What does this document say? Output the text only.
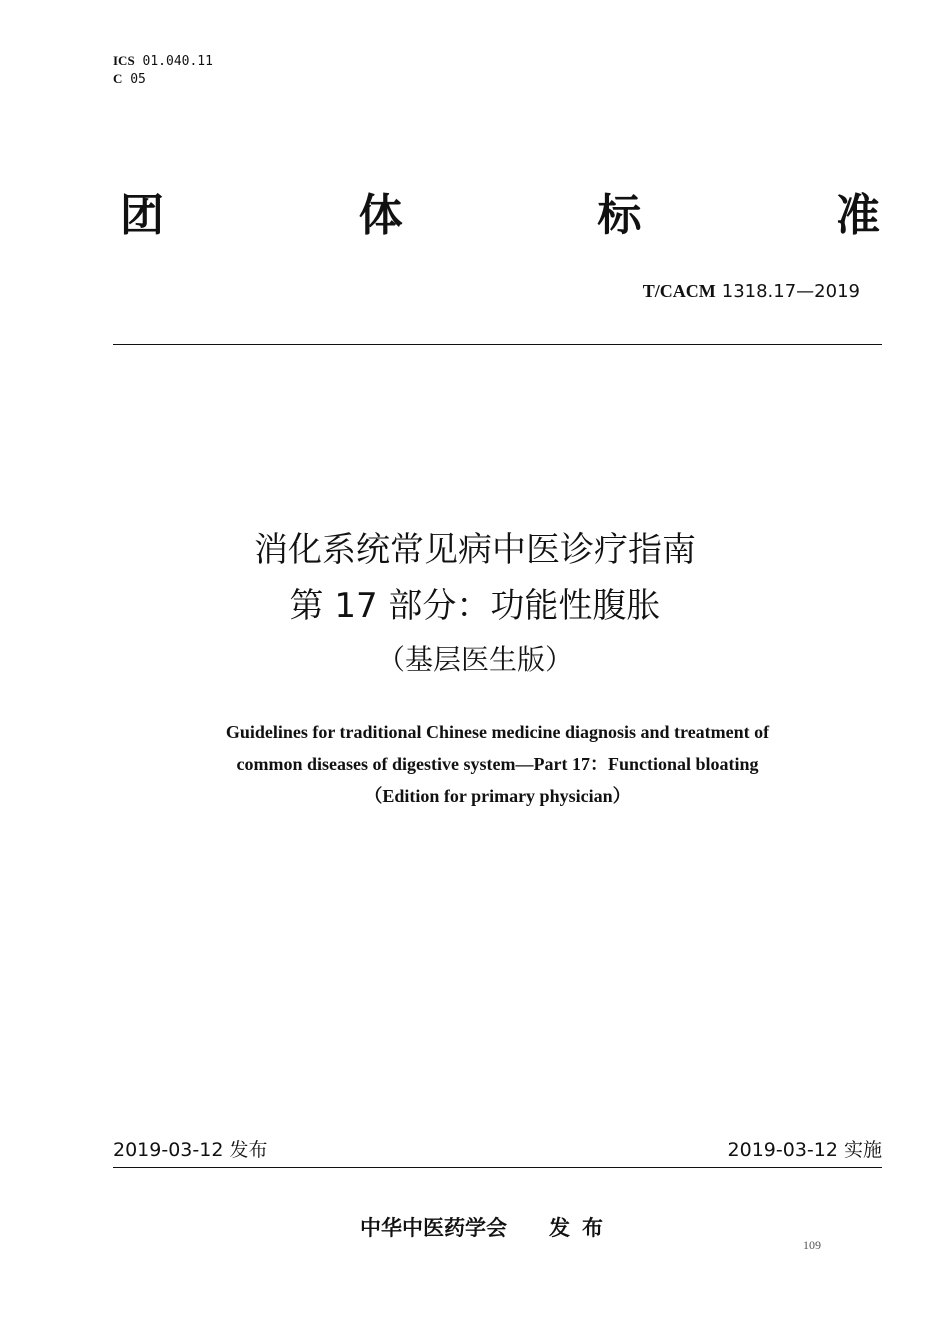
ICS 01.040.11
C 05
团	体	标	准
T/CACM 1318.17—2019
消化系统常见病中医诊疗指南
第 17 部分：功能性腹胀
（基层医生版）
Guidelines for traditional Chinese medicine diagnosis and treatment of
common diseases of digestive system—Part 17：Functional bloating
（Edition for primary physician）
2019-03-12 发布	2019-03-12 实施
中华中医药学会 发布
109
